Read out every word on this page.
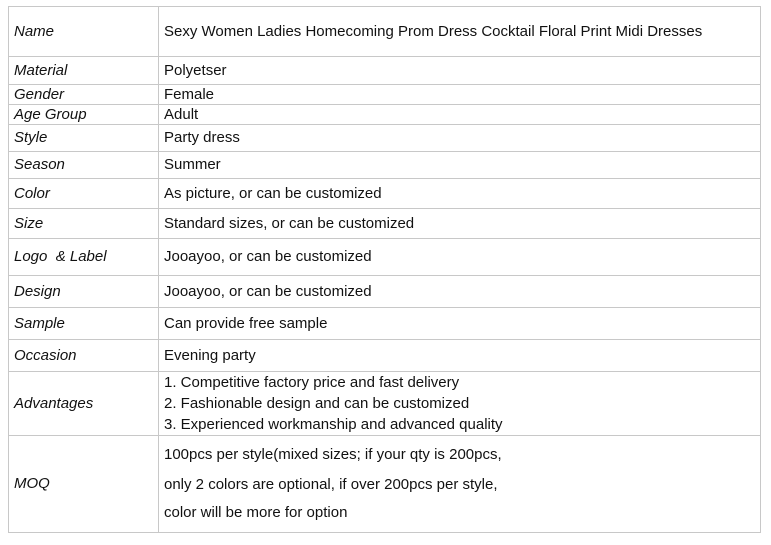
Name	Sexy Women Ladies Homecoming Prom Dress Cocktail Floral Print Midi Dresses
Material	Polyetser
Gender	Female
Age Group	Adult
Style	Party dress
Season	Summer
Color	As picture, or can be customized
Size	Standard sizes, or can be customized
Logo  & Label	Jooayoo, or can be customized
Design	Jooayoo, or can be customized
Sample	Can provide free sample
Occasion	Evening party
Advantages	1. Competitive factory price and fast delivery
2. Fashionable design and can be customized
3. Experienced workmanship and advanced quality

MOQ	100pcs per style(mixed sizes; if your qty is 200pcs,
only 2 colors are optional, if over 200pcs per style,
color will be more for option
